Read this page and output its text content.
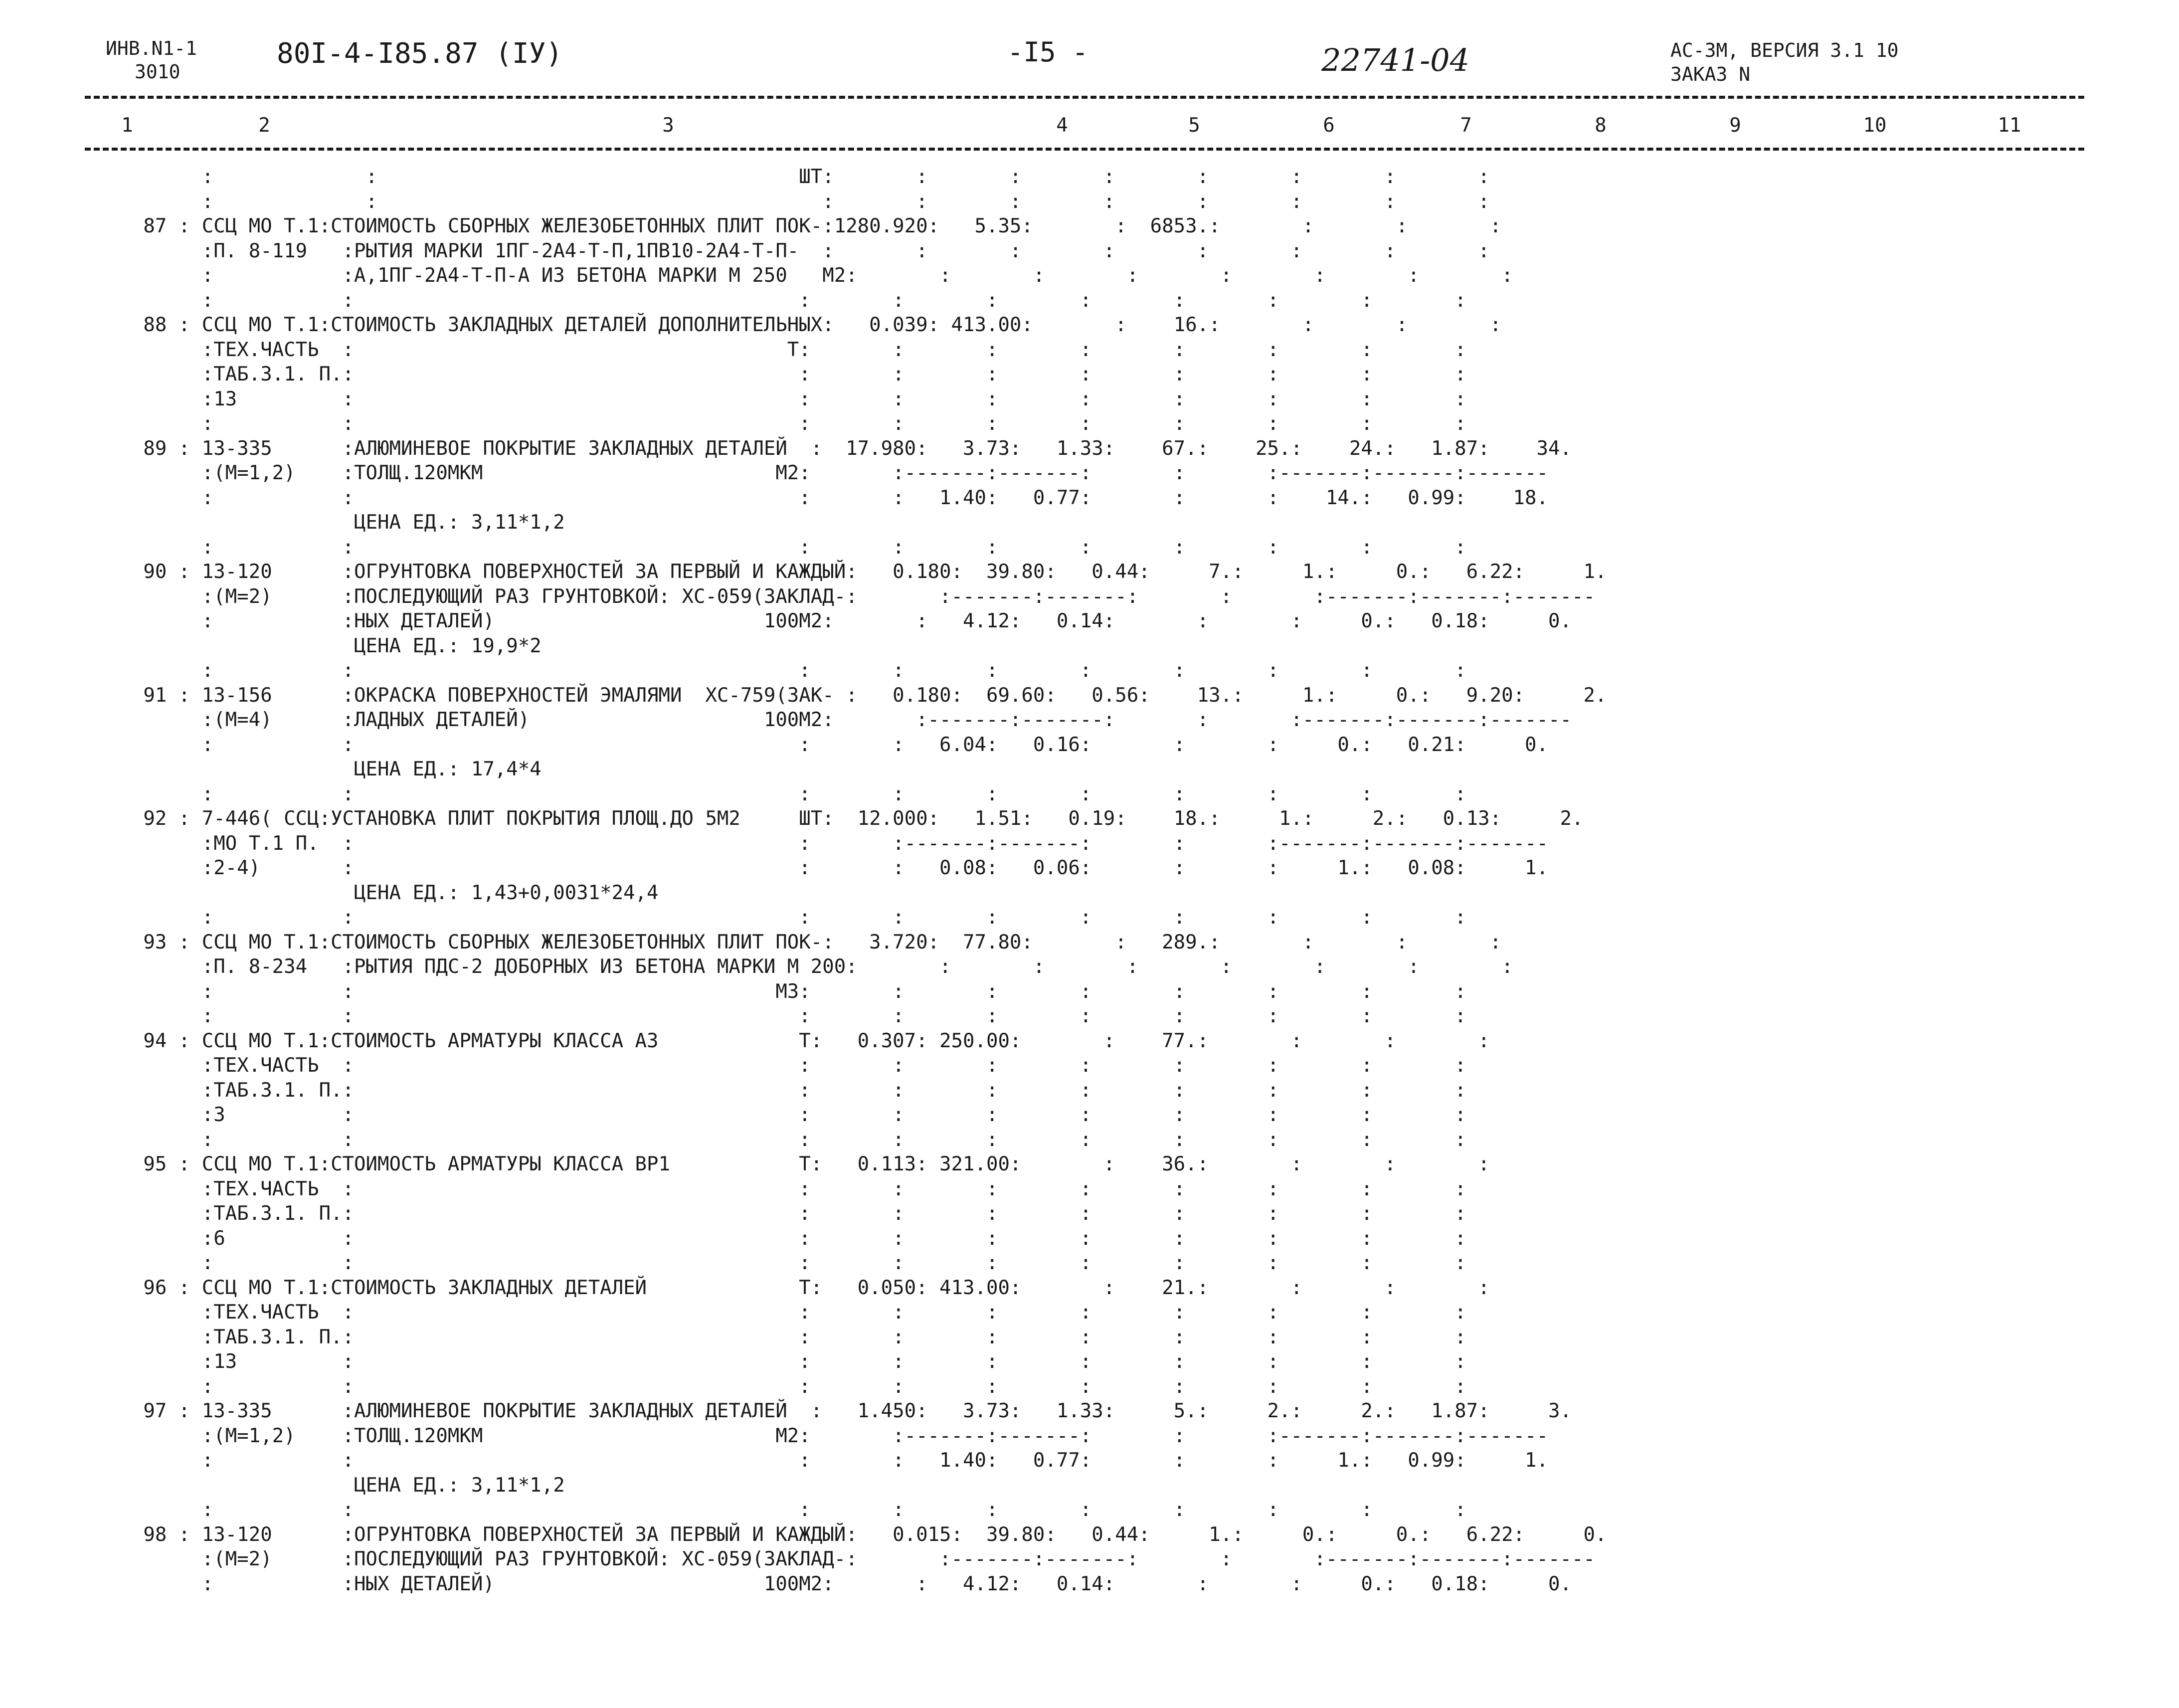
ИНВ.N1-1
3010
80I-4-I85.87 (IУ)	-I5 -	22741-04	АС-3М, ВЕРСИЯ 3.1 10
ЗАКАЗ N
1	2	3	4	5	6	7	8	9	10	11
:             :                                    ШТ:       :       :       :       :       :       :       :
:             :                                      :       :       :       :       :       :       :       :
87 : ССЦ МО Т.1:СТОИМОСТЬ СБОРНЫХ ЖЕЛЕЗОБЕТОННЫХ ПЛИТ ПОК-:1280.920:   5.35:       :  6853.:       :       :       :
:П. 8-119   :РЫТИЯ МАРКИ 1ПГ-2А4-Т-П,1ПВ10-2А4-Т-П-  :       :       :       :       :       :       :       :
:           :А,1ПГ-2А4-Т-П-А ИЗ БЕТОНА МАРКИ М 250   М2:       :       :       :       :       :       :       :
:           :                                      :       :       :       :       :       :       :       :
88 : ССЦ МО Т.1:СТОИМОСТЬ ЗАКЛАДНЫХ ДЕТАЛЕЙ ДОПОЛНИТЕЛЬНЫХ:   0.039: 413.00:       :    16.:       :       :       :
:ТЕХ.ЧАСТЬ  :                                     Т:       :       :       :       :       :       :       :
:ТАБ.3.1. П.:                                      :       :       :       :       :       :       :       :
:13         :                                      :       :       :       :       :       :       :       :
:           :                                      :       :       :       :       :       :       :       :
89 : 13-335      :АЛЮМИНЕВОЕ ПОКРЫТИЕ ЗАКЛАДНЫХ ДЕТАЛЕЙ  :  17.980:   3.73:   1.33:    67.:    25.:    24.:   1.87:    34.
:(М=1,2)    :ТОЛЩ.120МКМ                         М2:       :-------:-------:       :       :-------:-------:-------
:           :                                      :       :   1.40:   0.77:       :       :    14.:   0.99:    18.
ЦЕНА ЕД.: 3,11*1,2
:           :                                      :       :       :       :       :       :       :       :
90 : 13-120      :ОГРУНТОВКА ПОВЕРХНОСТЕЙ ЗА ПЕРВЫЙ И КАЖДЫЙ:   0.180:  39.80:   0.44:     7.:     1.:     0.:   6.22:     1.
:(М=2)      :ПОСЛЕДУЮЩИЙ РАЗ ГРУНТОВКОЙ: ХС-059(ЗАКЛАД-:       :-------:-------:       :       :-------:-------:-------
:           :НЫХ ДЕТАЛЕЙ)                       100М2:       :   4.12:   0.14:       :       :     0.:   0.18:     0.
ЦЕНА ЕД.: 19,9*2
:           :                                      :       :       :       :       :       :       :       :
91 : 13-156      :ОКРАСКА ПОВЕРХНОСТЕЙ ЭМАЛЯМИ  ХС-759(ЗАК- :   0.180:  69.60:   0.56:    13.:     1.:     0.:   9.20:     2.
:(М=4)      :ЛАДНЫХ ДЕТАЛЕЙ)                    100М2:       :-------:-------:       :       :-------:-------:-------
:           :                                      :       :   6.04:   0.16:       :       :     0.:   0.21:     0.
ЦЕНА ЕД.: 17,4*4
:           :                                      :       :       :       :       :       :       :       :
92 : 7-446( ССЦ:УСТАНОВКА ПЛИТ ПОКРЫТИЯ ПЛОЩ.ДО 5М2     ШТ:  12.000:   1.51:   0.19:    18.:     1.:     2.:   0.13:     2.
:МО Т.1 П.  :                                      :       :-------:-------:       :       :-------:-------:-------
:2-4)       :                                      :       :   0.08:   0.06:       :       :     1.:   0.08:     1.
ЦЕНА ЕД.: 1,43+0,0031*24,4
:           :                                      :       :       :       :       :       :       :       :
93 : ССЦ МО Т.1:СТОИМОСТЬ СБОРНЫХ ЖЕЛЕЗОБЕТОННЫХ ПЛИТ ПОК-:   3.720:  77.80:       :   289.:       :       :       :
:П. 8-234   :РЫТИЯ ПДС-2 ДОБОРНЫХ ИЗ БЕТОНА МАРКИ М 200:       :       :       :       :       :       :       :
:           :                                    М3:       :       :       :       :       :       :       :
:           :                                      :       :       :       :       :       :       :       :
94 : ССЦ МО Т.1:СТОИМОСТЬ АРМАТУРЫ КЛАССА А3            Т:   0.307: 250.00:       :    77.:       :       :       :
:ТЕХ.ЧАСТЬ  :                                      :       :       :       :       :       :       :       :
:ТАБ.3.1. П.:                                      :       :       :       :       :       :       :       :
:3          :                                      :       :       :       :       :       :       :       :
:           :                                      :       :       :       :       :       :       :       :
95 : ССЦ МО Т.1:СТОИМОСТЬ АРМАТУРЫ КЛАССА ВР1           Т:   0.113: 321.00:       :    36.:       :       :       :
:ТЕХ.ЧАСТЬ  :                                      :       :       :       :       :       :       :       :
:ТАБ.3.1. П.:                                      :       :       :       :       :       :       :       :
:6          :                                      :       :       :       :       :       :       :       :
:           :                                      :       :       :       :       :       :       :       :
96 : ССЦ МО Т.1:СТОИМОСТЬ ЗАКЛАДНЫХ ДЕТАЛЕЙ             Т:   0.050: 413.00:       :    21.:       :       :       :
:ТЕХ.ЧАСТЬ  :                                      :       :       :       :       :       :       :       :
:ТАБ.3.1. П.:                                      :       :       :       :       :       :       :       :
:13         :                                      :       :       :       :       :       :       :       :
:           :                                      :       :       :       :       :       :       :       :
97 : 13-335      :АЛЮМИНЕВОЕ ПОКРЫТИЕ ЗАКЛАДНЫХ ДЕТАЛЕЙ  :   1.450:   3.73:   1.33:     5.:     2.:     2.:   1.87:     3.
:(М=1,2)    :ТОЛЩ.120МКМ                         М2:       :-------:-------:       :       :-------:-------:-------
:           :                                      :       :   1.40:   0.77:       :       :     1.:   0.99:     1.
ЦЕНА ЕД.: 3,11*1,2
:           :                                      :       :       :       :       :       :       :       :
98 : 13-120      :ОГРУНТОВКА ПОВЕРХНОСТЕЙ ЗА ПЕРВЫЙ И КАЖДЫЙ:   0.015:  39.80:   0.44:     1.:     0.:     0.:   6.22:     0.
:(М=2)      :ПОСЛЕДУЮЩИЙ РАЗ ГРУНТОВКОЙ: ХС-059(ЗАКЛАД-:       :-------:-------:       :       :-------:-------:-------
:           :НЫХ ДЕТАЛЕЙ)                       100М2:       :   4.12:   0.14:       :       :     0.:   0.18:     0.
